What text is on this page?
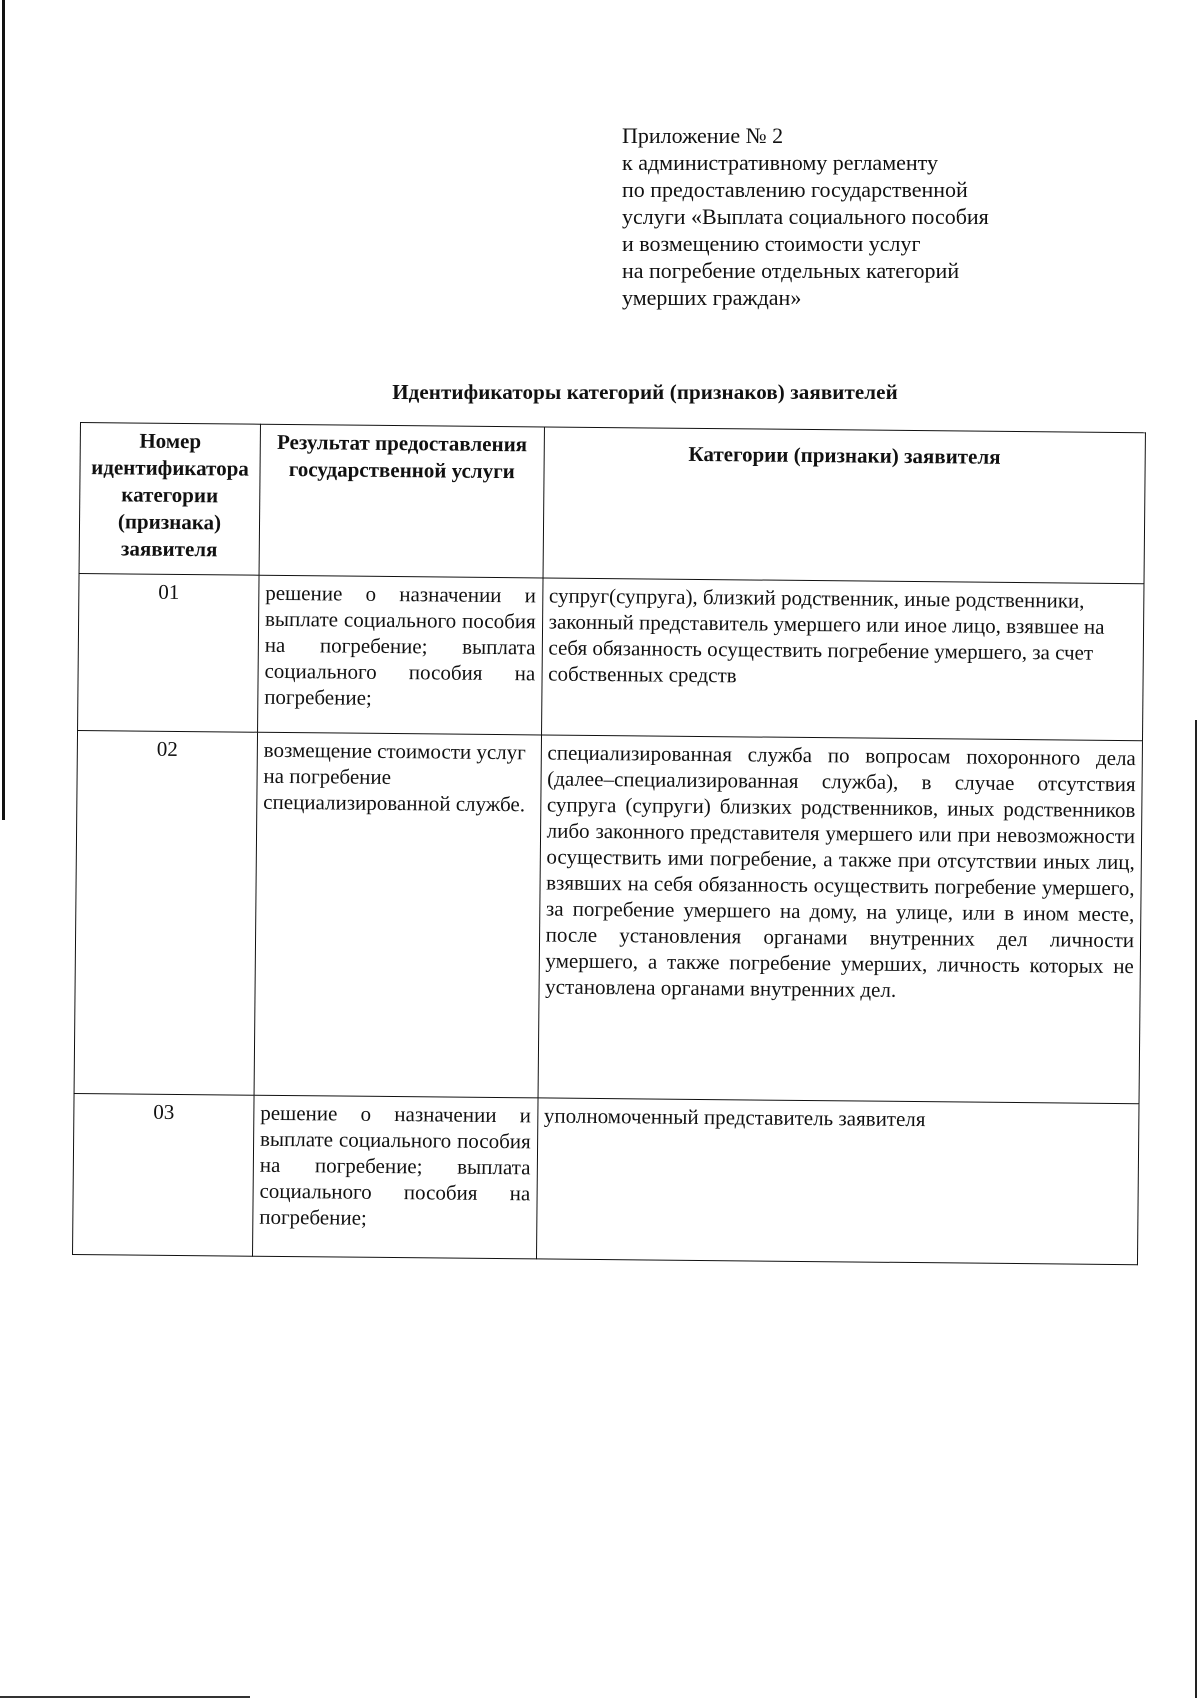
Приложение № 2
к административному регламенту
по предоставлению государственной
услуги «Выплата социального пособия
и возмещению стоимости услуг
на погребение отдельных категорий
умерших граждан»
Идентификаторы категорий (признаков) заявителей
Номер идентификатора категории (признака) заявителя	Результат предоставления государственной услуги	Категории (признаки) заявителя
01	решение о назначении и выплате социального пособия на погребение; выплата социального пособия на погребение;	супруг(супруга), близкий родственник, иные родственники, законный представитель умершего или иное лицо, взявшее на себя обязанность осуществить погребение умершего, за счет собственных средств
02	возмещение стоимости услуг на погребение специализированной службе.	специализированная служба по вопросам похоронного дела (далее–специализированная служба), в случае отсутствия супруга (супруги) близких родственников, иных родственников либо законного представителя умершего или при невозможности осуществить ими погребение, а также при отсутствии иных лиц, взявших на себя обязанность осуществить погребение умершего, за погребение умершего на дому, на улице, или в ином месте, после установления органами внутренних дел личности умершего, а также погребение умерших, личность которых не установлена органами внутренних дел.
03	решение о назначении и выплате социального пособия на погребение; выплата социального пособия на погребение;	уполномоченный представитель заявителя
